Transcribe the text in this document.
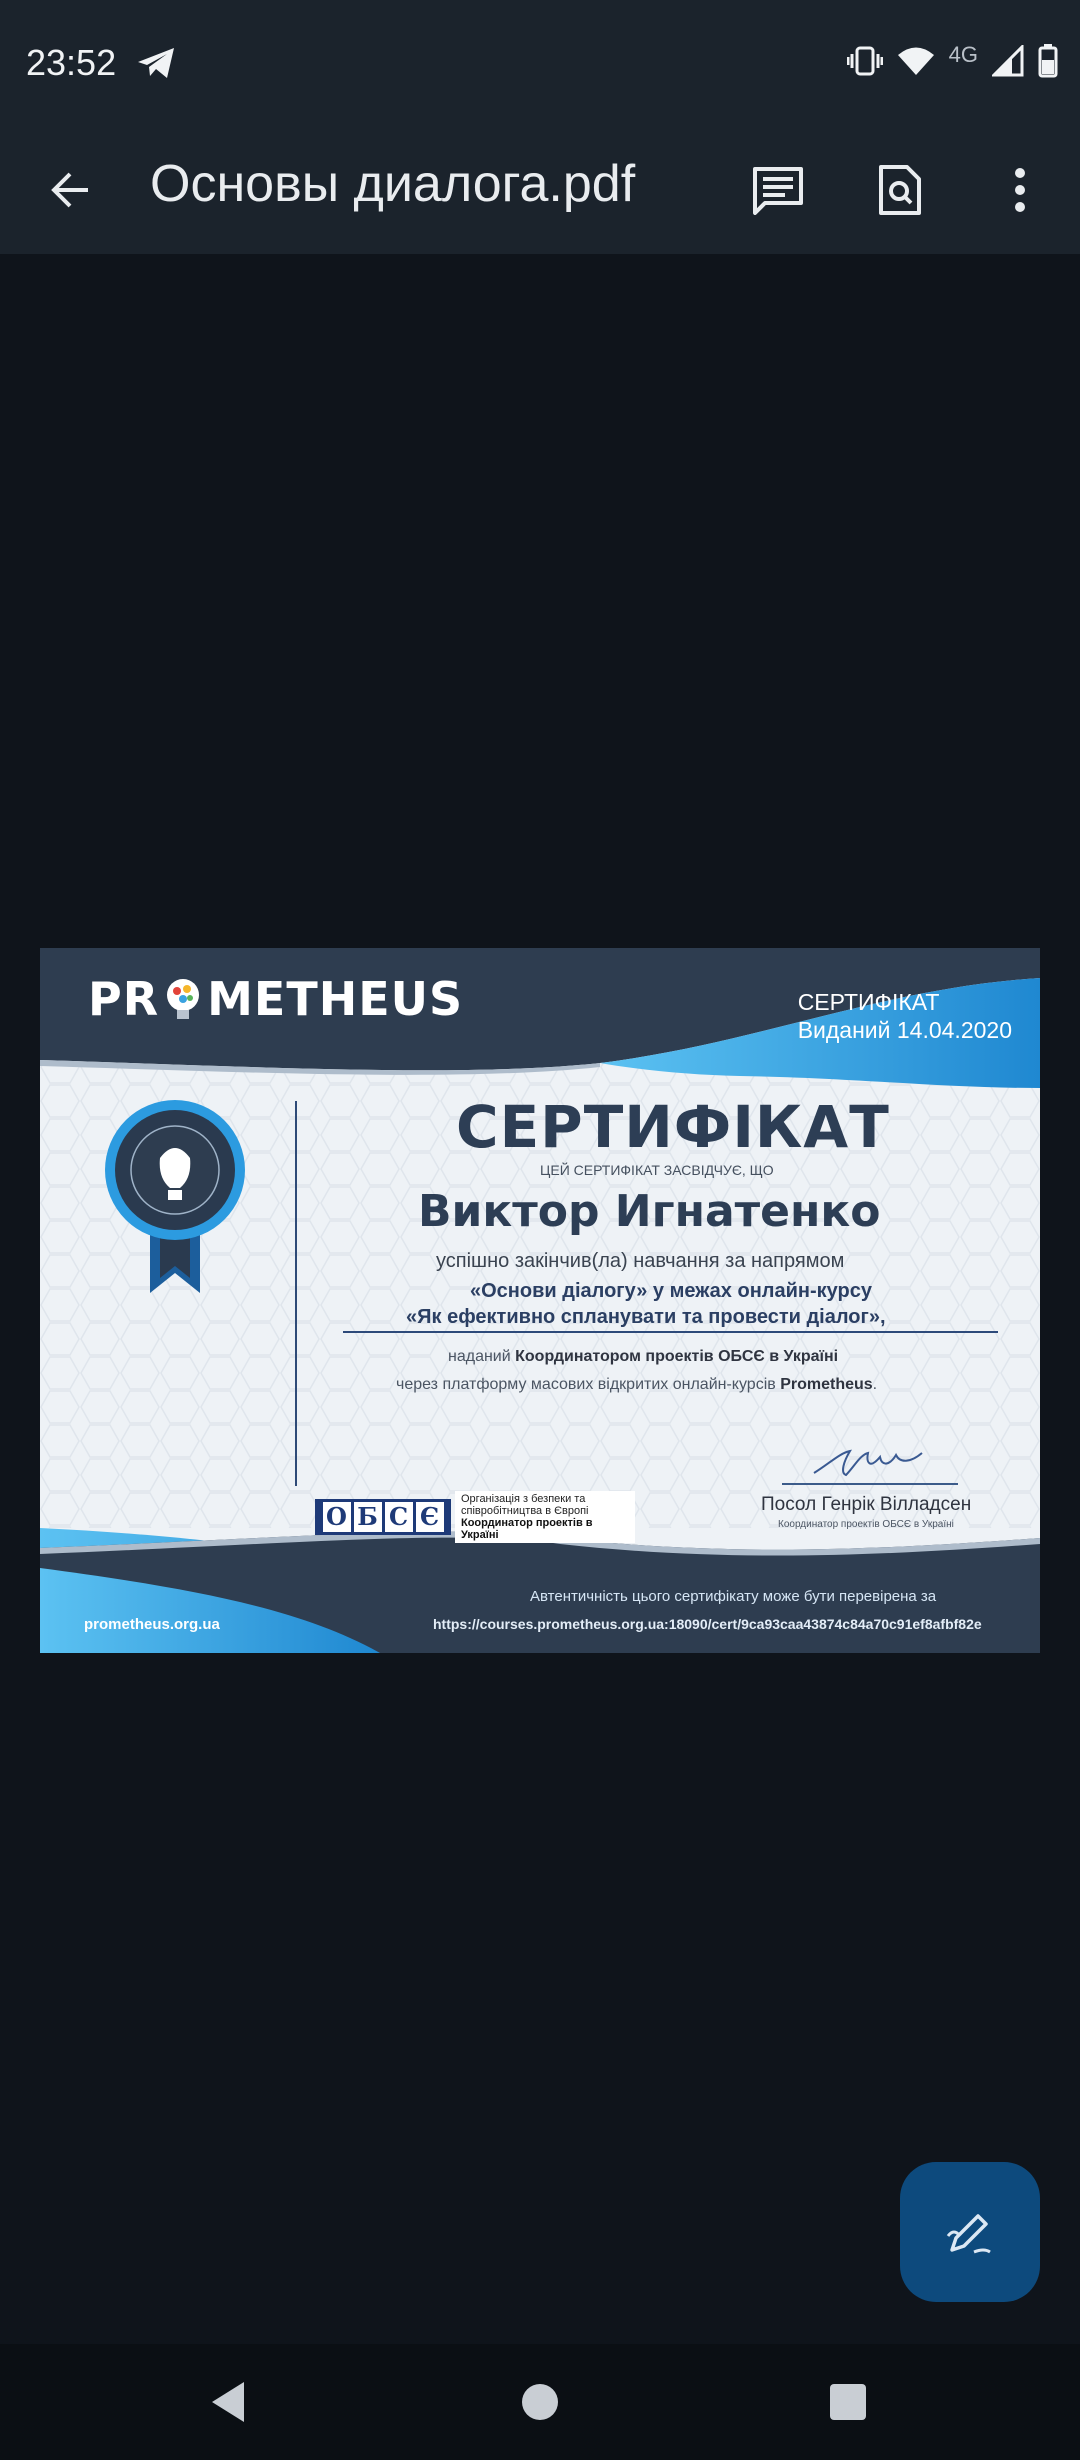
23:52	4G
Основы диалога.pdf
PR METHEUS	СЕРТИФІКАТ
Виданий 14.04.2020
СЕРТИФІКАТ
ЦЕЙ СЕРТИФІКАТ ЗАСВІДЧУЄ, ЩО
Виктор Игнатенко
успішно закінчив(ла) навчання за напрямом
«Основи діалогу» у межах онлайн-курсу
«Як ефективно спланувати та провести діалог»,
наданий Координатором проектів ОБСЄ в Україні
через платформу масових відкритих онлайн-курсів Prometheus.
О Б С Є
Організація з безпеки та
співробітництва в Європі
Координатор проектів в Україні
Посол Генрік Вілладсен
Координатор проектів ОБСЄ в Україні
Автентичність цього сертифікату може бути перевірена за
https://courses.prometheus.org.ua:18090/cert/9ca93caa43874c84a70c91ef8afbf82e
prometheus.org.ua
